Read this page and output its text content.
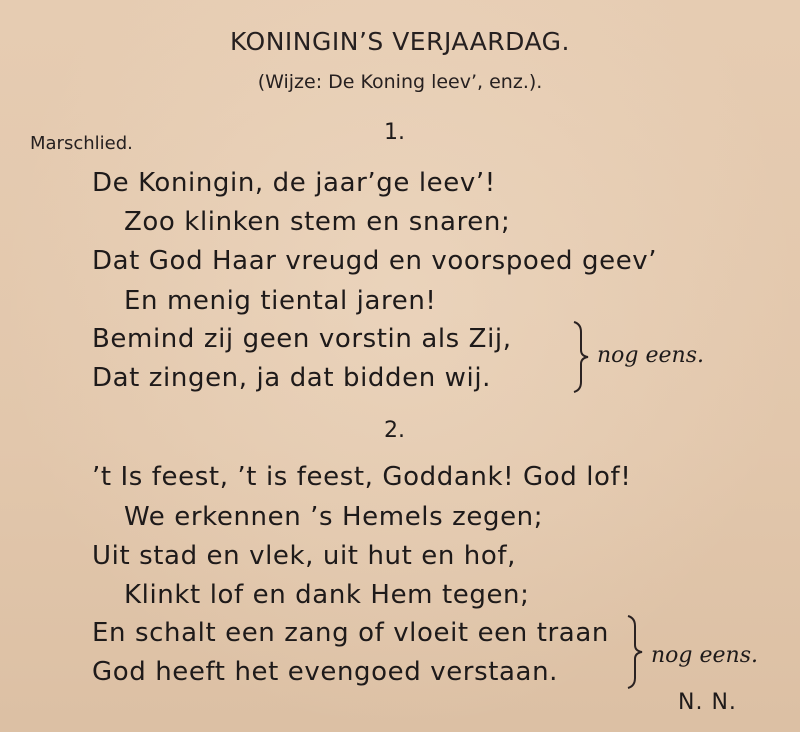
KONINGIN’S VERJAARDAG.
(Wijze: De Koning leev’, enz.).
Marschlied.	1.
De Koningin, de jaar’ge leev’!
Zoo klinken stem en snaren;
Dat God Haar vreugd en voorspoed geev’
En menig tiental jaren!
Bemind zij geen vorstin als Zij,
Dat zingen, ja dat bidden wij.
nog eens.
2.
’t Is feest, ’t is feest, Goddank! God lof!
We erkennen ’s Hemels zegen;
Uit stad en vlek, uit hut en hof,
Klinkt lof en dank Hem tegen;
En schalt een zang of vloeit een traan
God heeft het evengoed verstaan.
nog eens.
N. N.
